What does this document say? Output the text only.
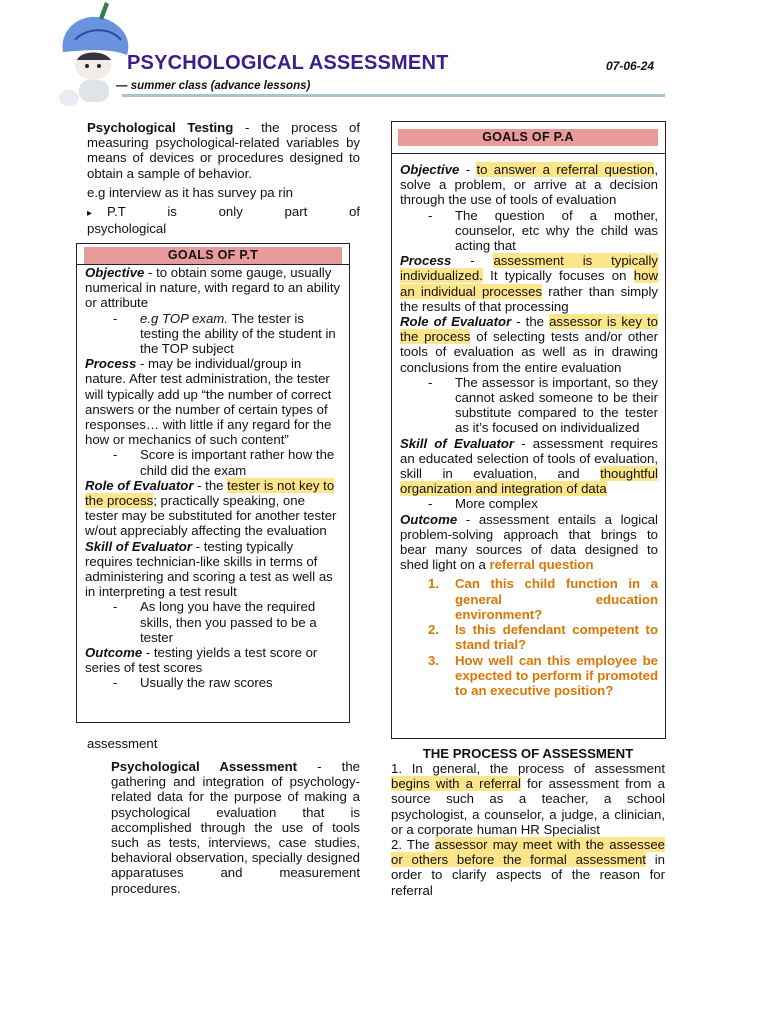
PSYCHOLOGICAL ASSESSMENT	07-06-24
— summer class (advance lessons)
Psychological Testing - the process of measuring psychological-related variables by means of devices or procedures designed to obtain a sample of behavior.
e.g interview as it has survey pa rin
▸ P.T is only part of psychological
GOALS OF P.T

Objective - to obtain some gauge, usually numerical in nature, with regard to an ability or attribute

- e.g TOP exam. The tester is testing the ability of the student in the TOP subject

Process - may be individual/group in nature. After test administration, the tester will typically add up “the number of correct answers or the number of certain types of responses… with little if any regard for the how or mechanics of such content”

- Score is important rather how the child did the exam

Role of Evaluator - the tester is not key to the process; practically speaking, one tester may be substituted for another tester w/out appreciably affecting the evaluation

Skill of Evaluator - testing typically requires technician-like skills in terms of administering and scoring a test as well as in interpreting a test result

- As long you have the required skills, then you passed to be a tester

Outcome - testing yields a test score or series of test scores

- Usually the raw scores

assessment
Psychological Assessment - the gathering and integration of psychology-related data for the purpose of making a psychological evaluation that is accomplished through the use of tools such as tests, interviews, case studies, behavioral observation, specially designed apparatuses and measurement procedures.
GOALS OF P.A

Objective - to answer a referral question, solve a problem, or arrive at a decision through the use of tools of evaluation

- The question of a mother, counselor, etc why the child was acting that

Process - assessment is typically individualized. It typically focuses on how an individual processes rather than simply the results of that processing

Role of Evaluator - the assessor is key to the process of selecting tests and/or other tools of evaluation as well as in drawing conclusions from the entire evaluation

- The assessor is important, so they cannot asked someone to be their substitute compared to the tester as it’s focused on individualized

Skill of Evaluator - assessment requires an educated selection of tools of evaluation, skill in evaluation, and thoughtful organization and integration of data

- More complex

Outcome - assessment entails a logical problem-solving approach that brings to bear many sources of data designed to shed light on a referral question

1. Can this child function in a general education environment?

2. Is this defendant competent to stand trial?

3. How well can this employee be expected to perform if promoted to an executive position?

THE PROCESS OF ASSESSMENT

1. In general, the process of assessment begins with a referral for assessment from a source such as a teacher, a school psychologist, a counselor, a judge, a clinician, or a corporate human HR Specialist

2. The assessor may meet with the assessee or others before the formal assessment in order to clarify aspects of the reason for referral
